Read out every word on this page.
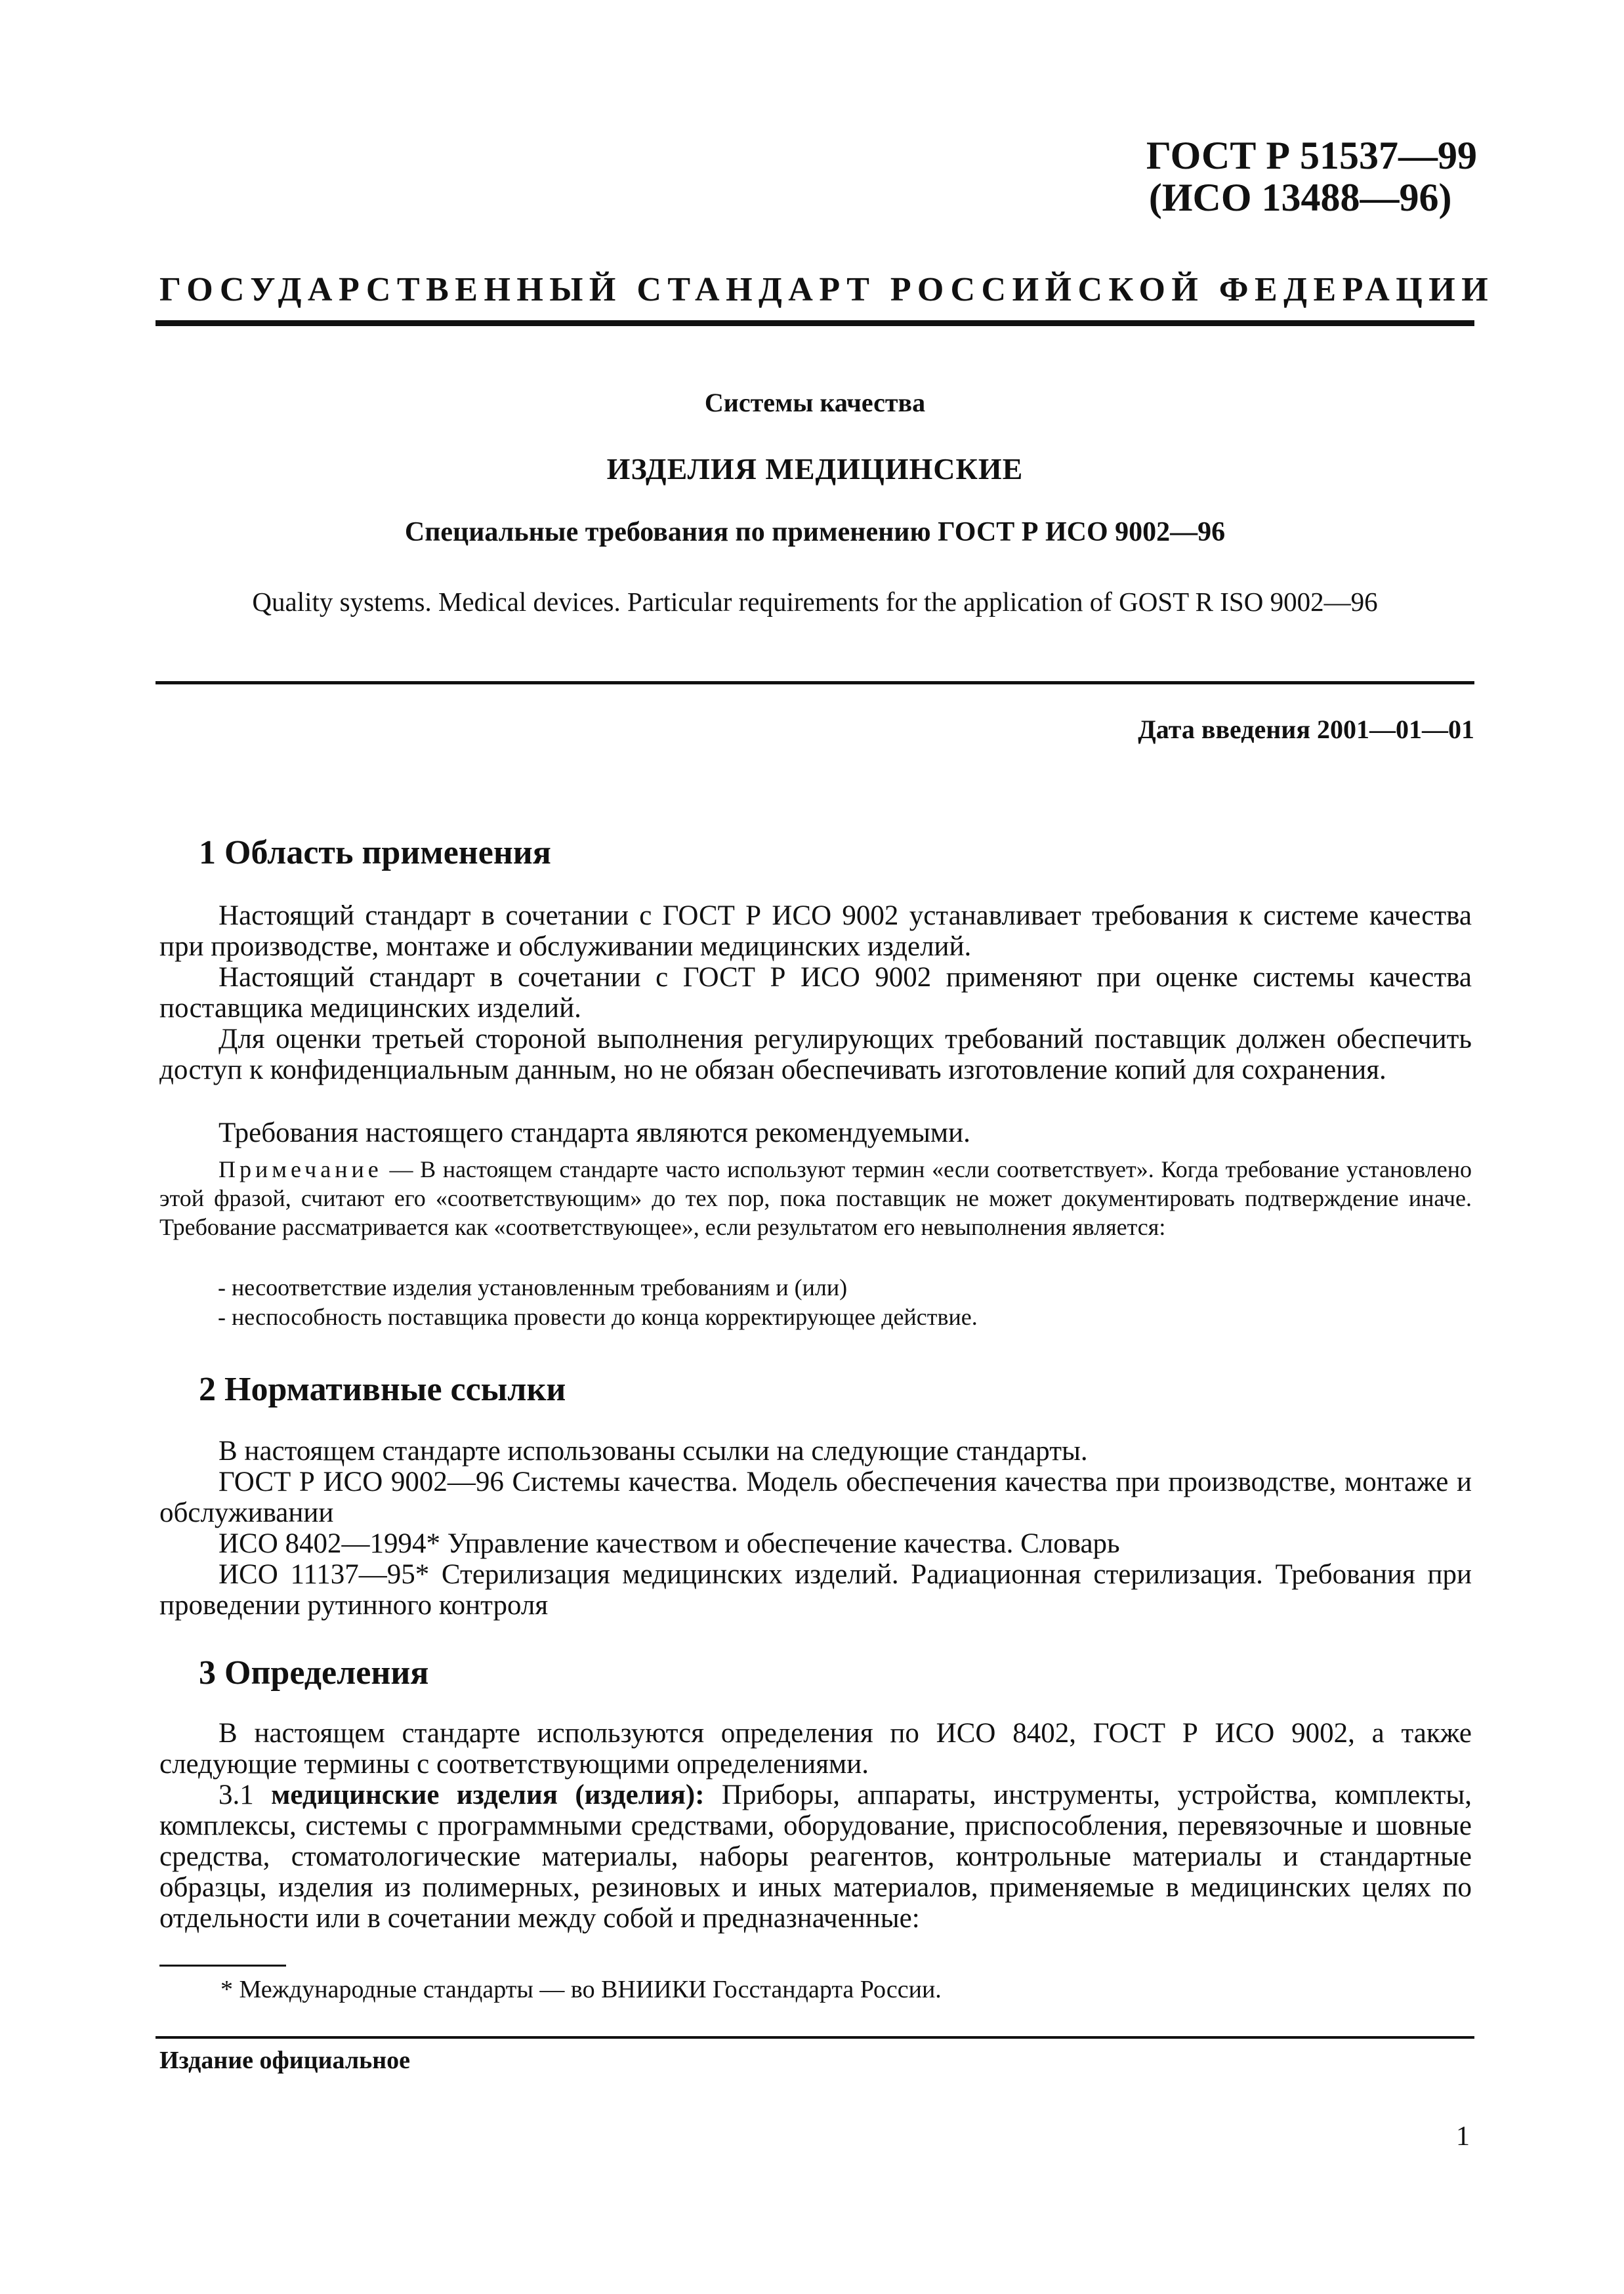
ГОСТ Р 51537—99
(ИСО 13488—96)
ГОСУДАРСТВЕННЫЙ СТАНДАРТ РОССИЙСКОЙ ФЕДЕРАЦИИ
Системы качества
ИЗДЕЛИЯ МЕДИЦИНСКИЕ
Специальные требования по применению ГОСТ Р ИСО 9002—96
Quality systems. Medical devices. Particular requirements for the application of GOST R ISO 9002—96
Дата введения 2001—01—01
1 Область применения
Настоящий стандарт в сочетании с ГОСТ Р ИСО 9002 устанавливает требования к системе качества при производстве, монтаже и обслуживании медицинских изделий.
Настоящий стандарт в сочетании с ГОСТ Р ИСО 9002 применяют при оценке системы качества поставщика медицинских изделий.
Для оценки третьей стороной выполнения регулирующих требований поставщик должен обеспечить доступ к конфиденциальным данным, но не обязан обеспечивать изготовление копий для сохранения.
Требования настоящего стандарта являются рекомендуемыми.
Примечание — В настоящем стандарте часто используют термин «если соответствует». Когда требование установлено этой фразой, считают его «соответствующим» до тех пор, пока поставщик не может документировать подтверждение иначе. Требование рассматривается как «соответствующее», если результатом его невыполнения является:
- несоответствие изделия установленным требованиям и (или)
- неспособность поставщика провести до конца корректирующее действие.
2 Нормативные ссылки
В настоящем стандарте использованы ссылки на следующие стандарты.
ГОСТ Р ИСО 9002—96 Системы качества. Модель обеспечения качества при производстве, монтаже и обслуживании
ИСО 8402—1994* Управление качеством и обеспечение качества. Словарь
ИСО 11137—95* Стерилизация медицинских изделий. Радиационная стерилизация. Требования при проведении рутинного контроля
3 Определения
В настоящем стандарте используются определения по ИСО 8402, ГОСТ Р ИСО 9002, а также следующие термины с соответствующими определениями.
3.1 медицинские изделия (изделия): Приборы, аппараты, инструменты, устройства, комплекты, комплексы, системы с программными средствами, оборудование, приспособления, перевязочные и шовные средства, стоматологические материалы, наборы реагентов, контрольные материалы и стандартные образцы, изделия из полимерных, резиновых и иных материалов, применяемые в медицинских целях по отдельности или в сочетании между собой и предназначенные:
* Международные стандарты — во ВНИИКИ Госстандарта России.
Издание официальное
1
